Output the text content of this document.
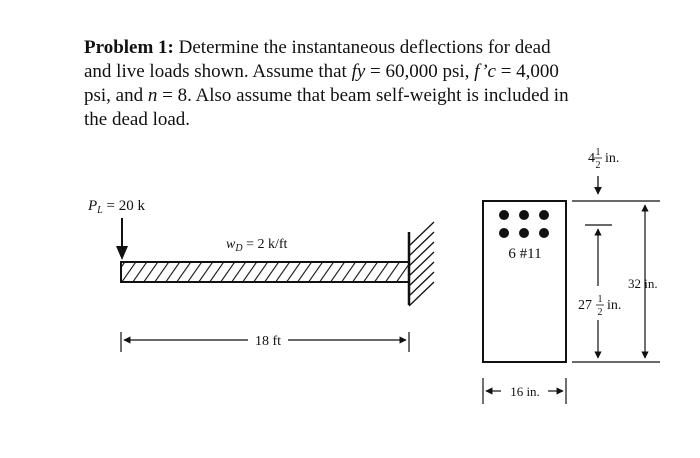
Problem 1: Determine the instantaneous deflections for dead
and live loads shown. Assume that fy = 60,000 psi, f’c = 4,000
psi, and n = 8. Also assume that beam self-weight is included in
the dead load.
$P_L = 20$ k
$w_D = 2$ k/ft
18 ft
6 #11
4 1
2 in.
32 in.
27 1
2 in.
16 in.
